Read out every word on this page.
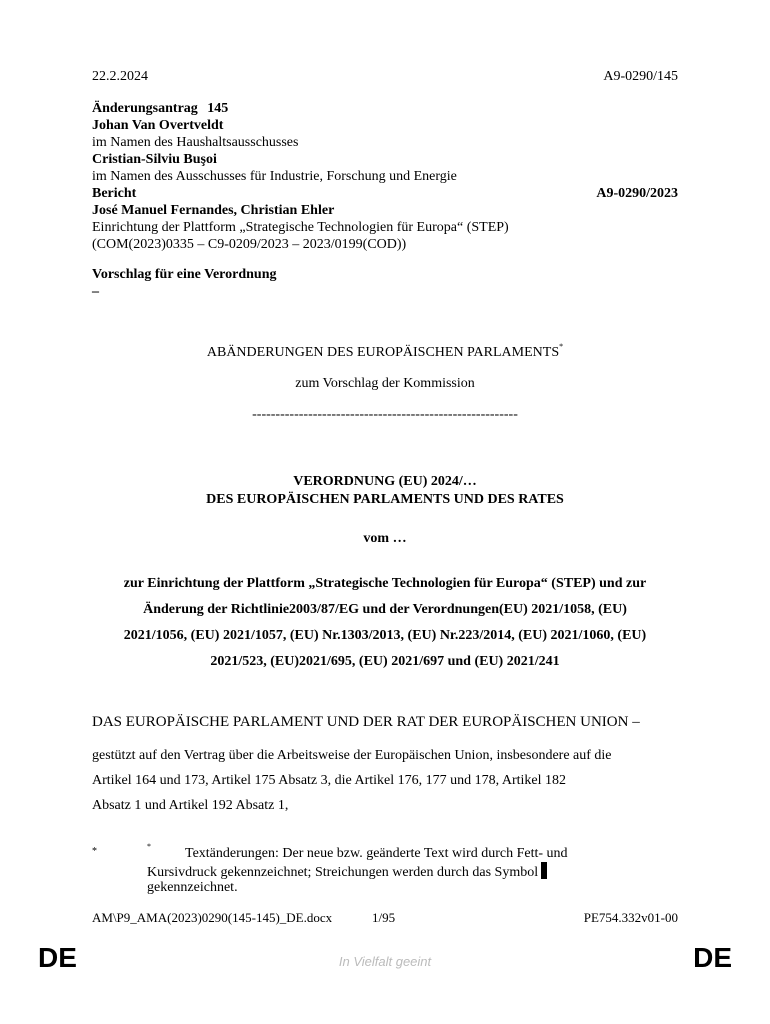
22.2.2024	A9-0290/145
Änderungsantrag 145
Johan Van Overtveldt
im Namen des Haushaltsausschusses
Cristian-Silviu Buşoi
im Namen des Ausschusses für Industrie, Forschung und Energie
Bericht	A9-0290/2023
José Manuel Fernandes, Christian Ehler
Einrichtung der Plattform „Strategische Technologien für Europa“ (STEP)
(COM(2023)0335 – C9-0209/2023 – 2023/0199(COD))
Vorschlag für eine Verordnung
–
ABÄNDERUNGEN DES EUROPÄISCHEN PARLAMENTS*
zum Vorschlag der Kommission
---------------------------------------------------------
VERORDNUNG (EU) 2024/…
DES EUROPÄISCHEN PARLAMENTS UND DES RATES
vom …
zur Einrichtung der Plattform „Strategische Technologien für Europa“ (STEP) und zur
Änderung der Richtlinie2003/87/EG und der Verordnungen(EU) 2021/1058, (EU)
2021/1056, (EU) 2021/1057, (EU) Nr.1303/2013, (EU) Nr.223/2014, (EU) 2021/1060, (EU)
2021/523, (EU)2021/695, (EU) 2021/697 und (EU) 2021/241
DAS EUROPÄISCHE PARLAMENT UND DER RAT DER EUROPÄISCHEN UNION –
gestützt auf den Vertrag über die Arbeitsweise der Europäischen Union, insbesondere auf die
Artikel 164 und 173, Artikel 175 Absatz 3, die Artikel 176, 177 und 178, Artikel 182
Absatz 1 und Artikel 192 Absatz 1,
*	* Textänderungen: Der neue bzw. geänderte Text wird durch Fett- und
Kursivdruck gekennzeichnet; Streichungen werden durch das Symbol
gekennzeichnet.
AM\P9_AMA(2023)0290(145-145)_DE.docx	1/95	PE754.332v01-00
DE	In Vielfalt geeint	DE
